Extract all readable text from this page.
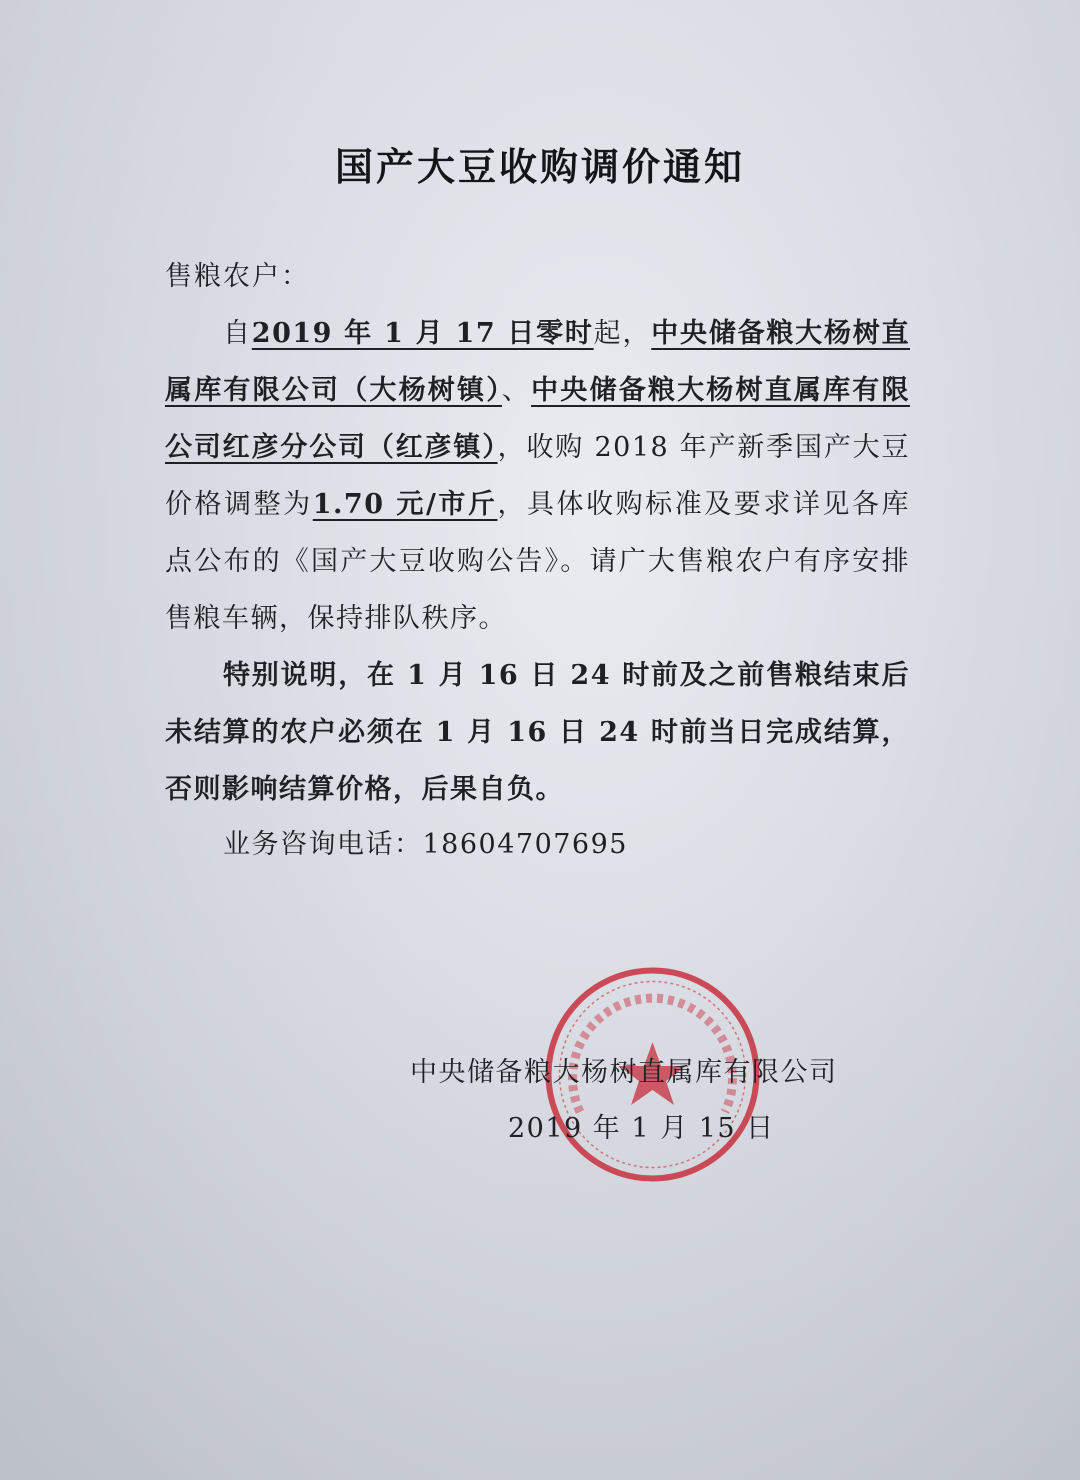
国产大豆收购调价通知
售粮农户：
自2019 年 1 月 17 日零时起，中央储备粮大杨树直属库有限公司（大杨树镇）、中央储备粮大杨树直属库有限公司红彦分公司（红彦镇），收购 2018 年产新季国产大豆价格调整为1.70 元/市斤，具体收购标准及要求详见各库点公布的《国产大豆收购公告》。请广大售粮农户有序安排售粮车辆，保持排队秩序。
特别说明，在 1 月 16 日 24 时前及之前售粮结束后未结算的农户必须在 1 月 16 日 24 时前当日完成结算，否则影响结算价格，后果自负。
业务咨询电话：18604707695
中央储备粮大杨树直属库有限公司
2019 年 1 月 15 日
